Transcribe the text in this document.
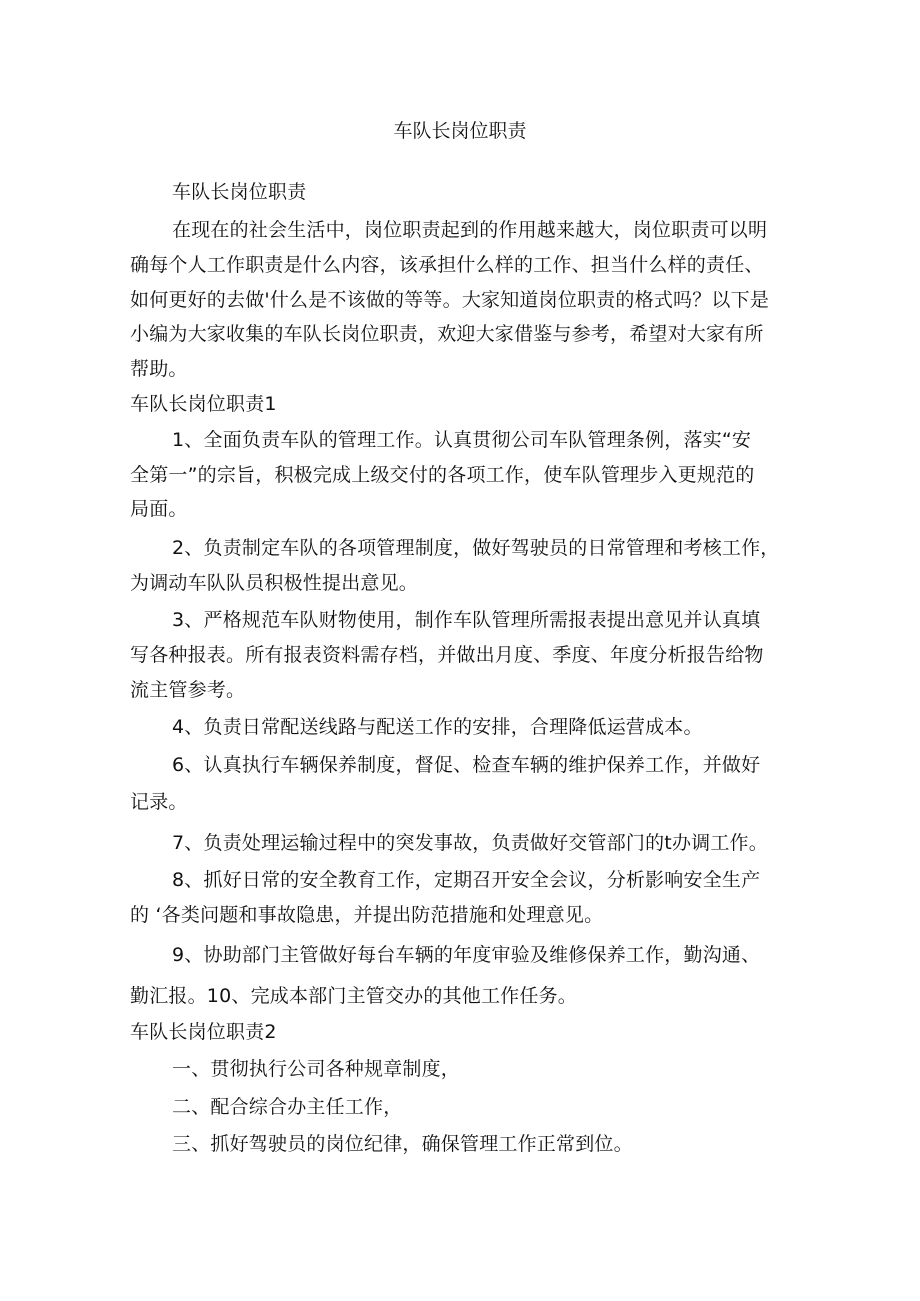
车队长岗位职责
车队长岗位职责
在现在的社会生活中，岗位职责起到的作用越来越大，岗位职责可以明
确每个人工作职责是什么内容，该承担什么样的工作、担当什么样的责任、
如何更好的去做'什么是不该做的等等。大家知道岗位职责的格式吗？以下是
小编为大家收集的车队长岗位职责，欢迎大家借鉴与参考，希望对大家有所
帮助。
车队长岗位职责1
1、全面负责车队的管理工作。认真贯彻公司车队管理条例，落实“安
全第一”的宗旨，积极完成上级交付的各项工作，使车队管理步入更规范的
局面。
2、负责制定车队的各项管理制度，做好驾驶员的日常管理和考核工作，
为调动车队队员积极性提出意见。
3、严格规范车队财物使用，制作车队管理所需报表提出意见并认真填
写各种报表。所有报表资料需存档，并做出月度、季度、年度分析报告给物
流主管参考。
4、负责日常配送线路与配送工作的安排，合理降低运营成本。
6、认真执行车辆保养制度，督促、检查车辆的维护保养工作，并做好
记录。
7、负责处理运输过程中的突发事故，负责做好交管部门的t办调工作。
8、抓好日常的安全教育工作，定期召开安全会议，分析影响安全生产
的 ‘各类问题和事故隐患，并提出防范措施和处理意见。
9、协助部门主管做好每台车辆的年度审验及维修保养工作，勤沟通、
勤汇报。10、完成本部门主管交办的其他工作任务。
车队长岗位职责2
一、贯彻执行公司各种规章制度，
二、配合综合办主任工作，
三、抓好驾驶员的岗位纪律，确保管理工作正常到位。
